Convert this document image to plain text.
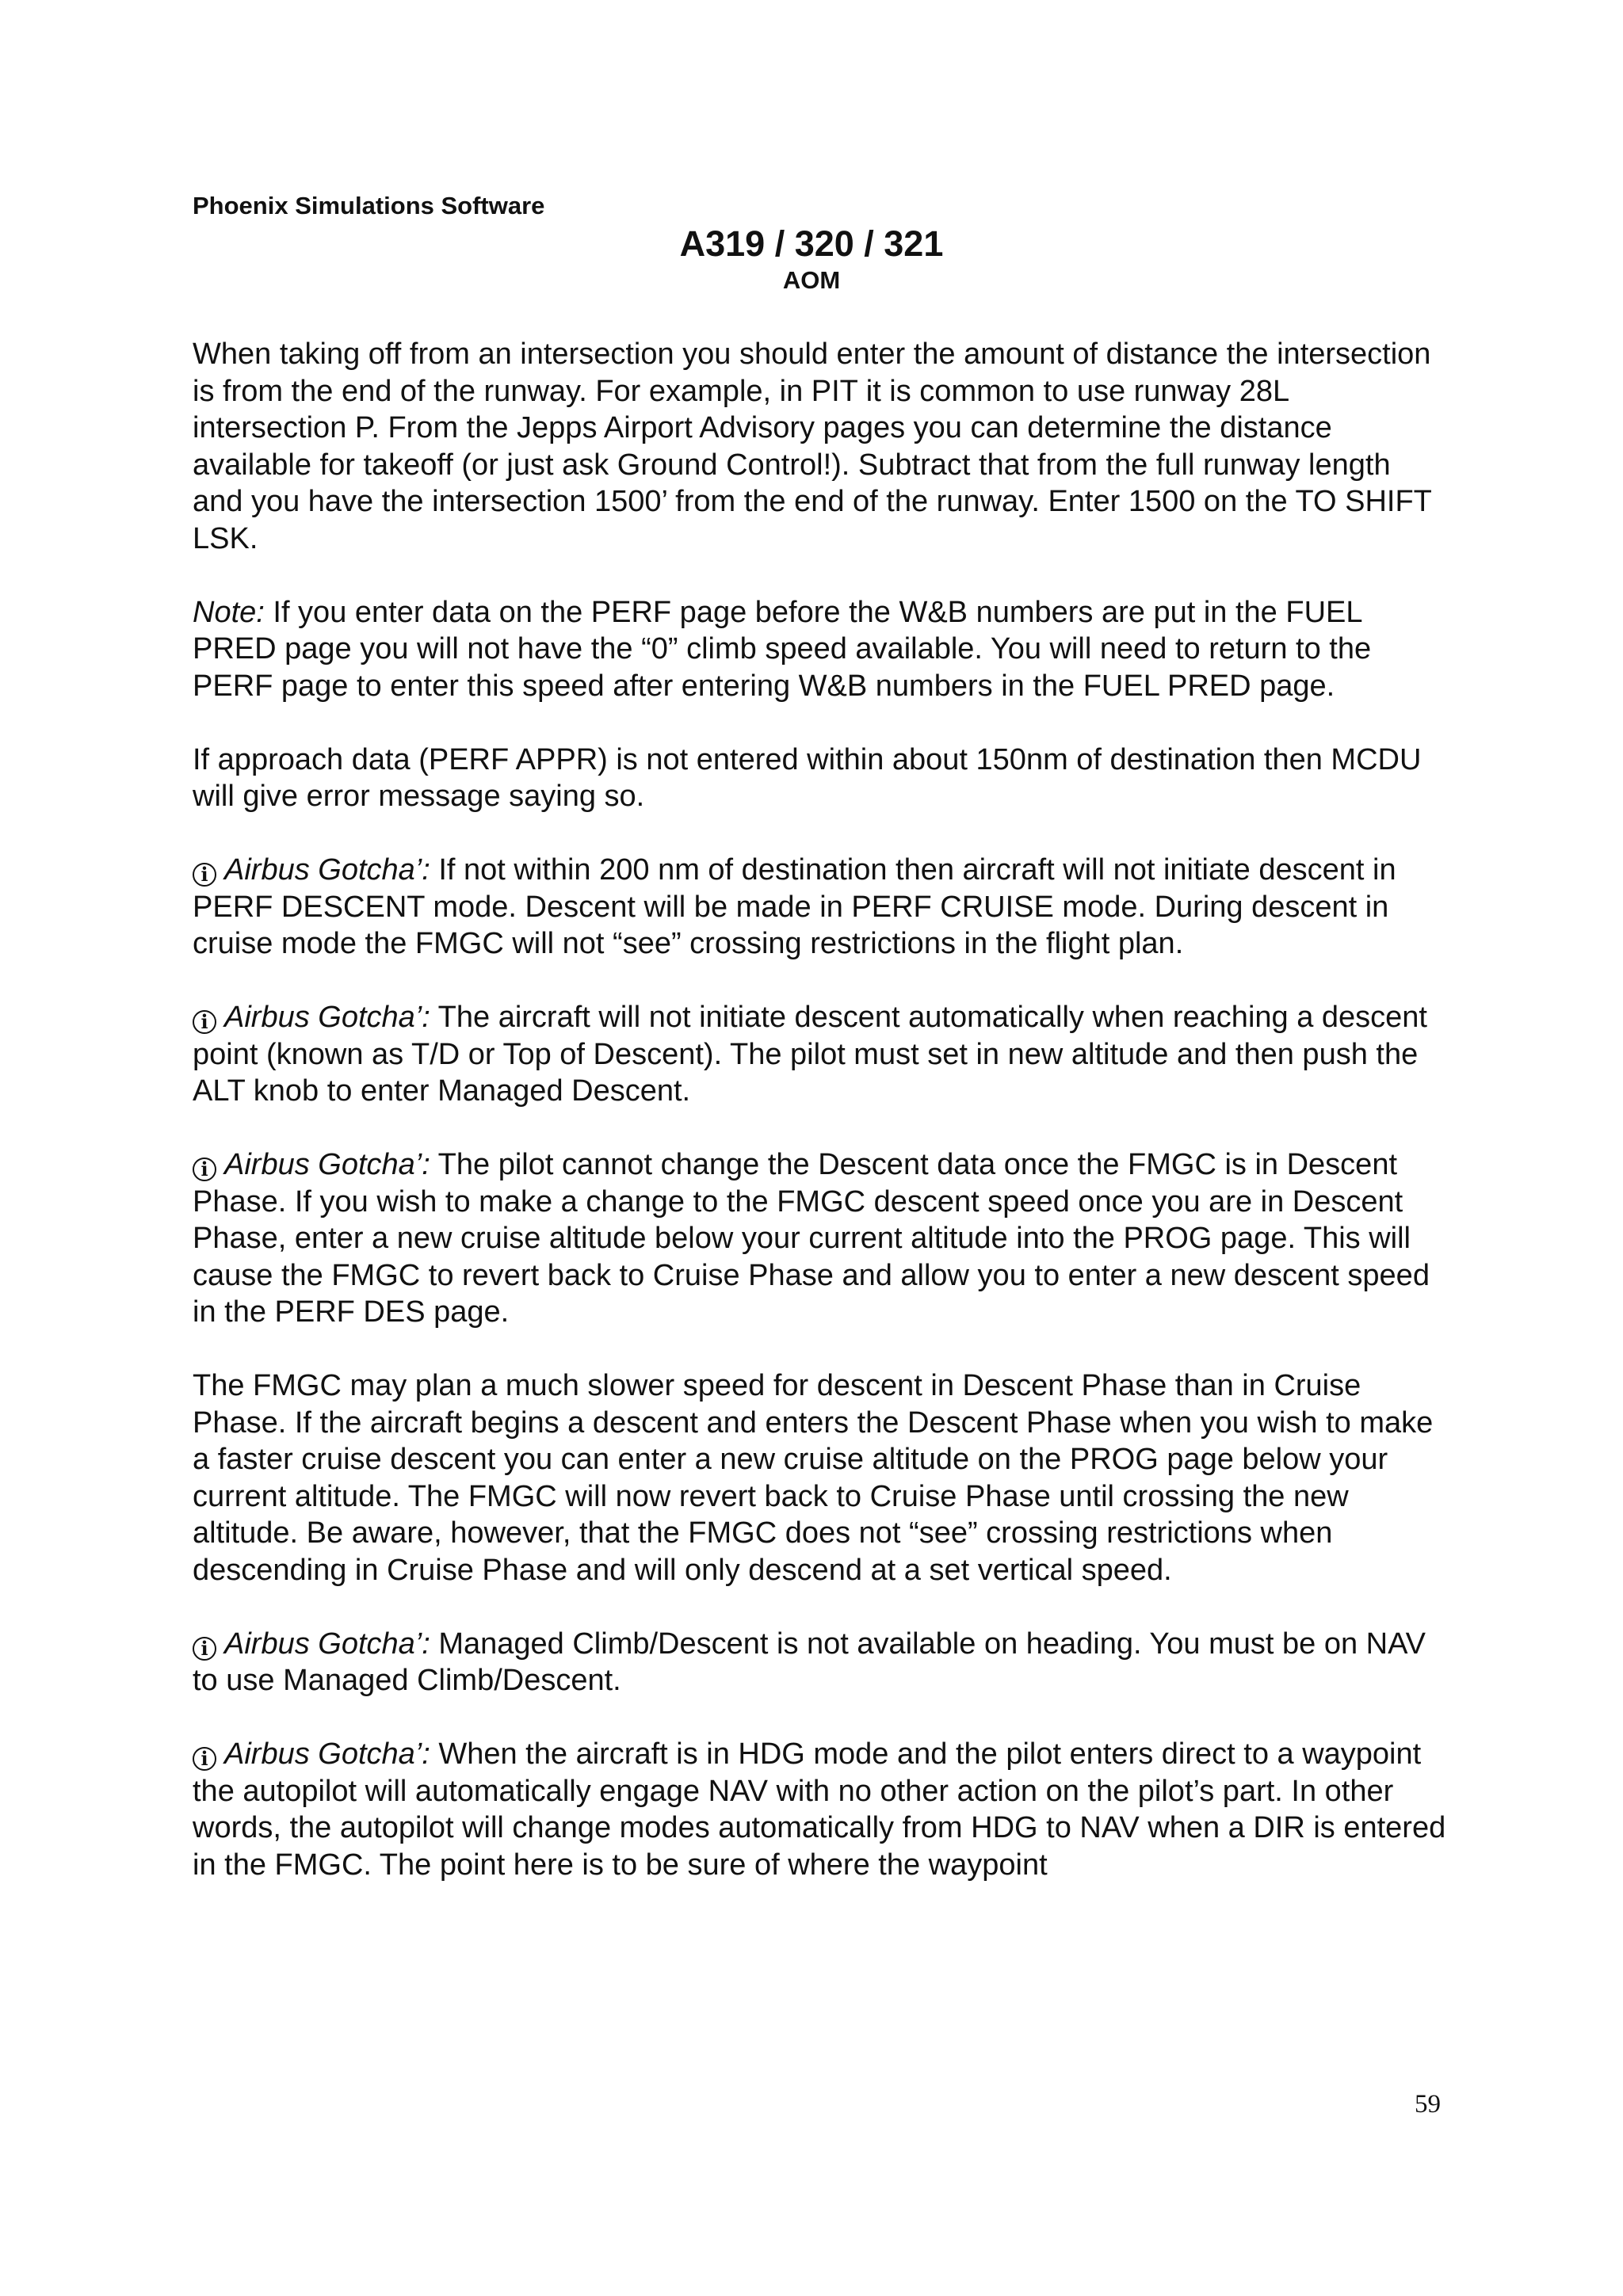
Phoenix Simulations Software
A319 / 320 / 321
AOM

When taking off from an intersection you should enter the amount of distance the intersection is from the end of the runway. For example, in PIT it is common to use runway 28L intersection P. From the Jepps Airport Advisory pages you can determine the distance available for takeoff (or just ask Ground Control!). Subtract that from the full runway length and you have the intersection 1500’ from the end of the runway. Enter 1500 on the TO SHIFT LSK.

Note: If you enter data on the PERF page before the W&B numbers are put in the FUEL PRED page you will not have the “0” climb speed available. You will need to return to the PERF page to enter this speed after entering W&B numbers in the FUEL PRED page.

If approach data (PERF APPR) is not entered within about 150nm of destination then MCDU will give error message saying so.

i Airbus Gotcha’: If not within 200 nm of destination then aircraft will not initiate descent in PERF DESCENT mode. Descent will be made in PERF CRUISE mode. During descent in cruise mode the FMGC will not “see” crossing restrictions in the flight plan.

i Airbus Gotcha’: The aircraft will not initiate descent automatically when reaching a descent point (known as T/D or Top of Descent). The pilot must set in new altitude and then push the ALT knob to enter Managed Descent.

i Airbus Gotcha’: The pilot cannot change the Descent data once the FMGC is in Descent Phase. If you wish to make a change to the FMGC descent speed once you are in Descent Phase, enter a new cruise altitude below your current altitude into the PROG page. This will cause the FMGC to revert back to Cruise Phase and allow you to enter a new descent speed in the PERF DES page.

The FMGC may plan a much slower speed for descent in Descent Phase than in Cruise Phase. If the aircraft begins a descent and enters the Descent Phase when you wish to make a faster cruise descent you can enter a new cruise altitude on the PROG page below your current altitude. The FMGC will now revert back to Cruise Phase until crossing the new altitude. Be aware, however, that the FMGC does not “see” crossing restrictions when descending in Cruise Phase and will only descend at a set vertical speed.

i Airbus Gotcha’: Managed Climb/Descent is not available on heading. You must be on NAV to use Managed Climb/Descent.

i Airbus Gotcha’: When the aircraft is in HDG mode and the pilot enters direct to a waypoint the autopilot will automatically engage NAV with no other action on the pilot’s part. In other words, the autopilot will change modes automatically from HDG to NAV when a DIR is entered in the FMGC. The point here is to be sure of where the waypoint

59
